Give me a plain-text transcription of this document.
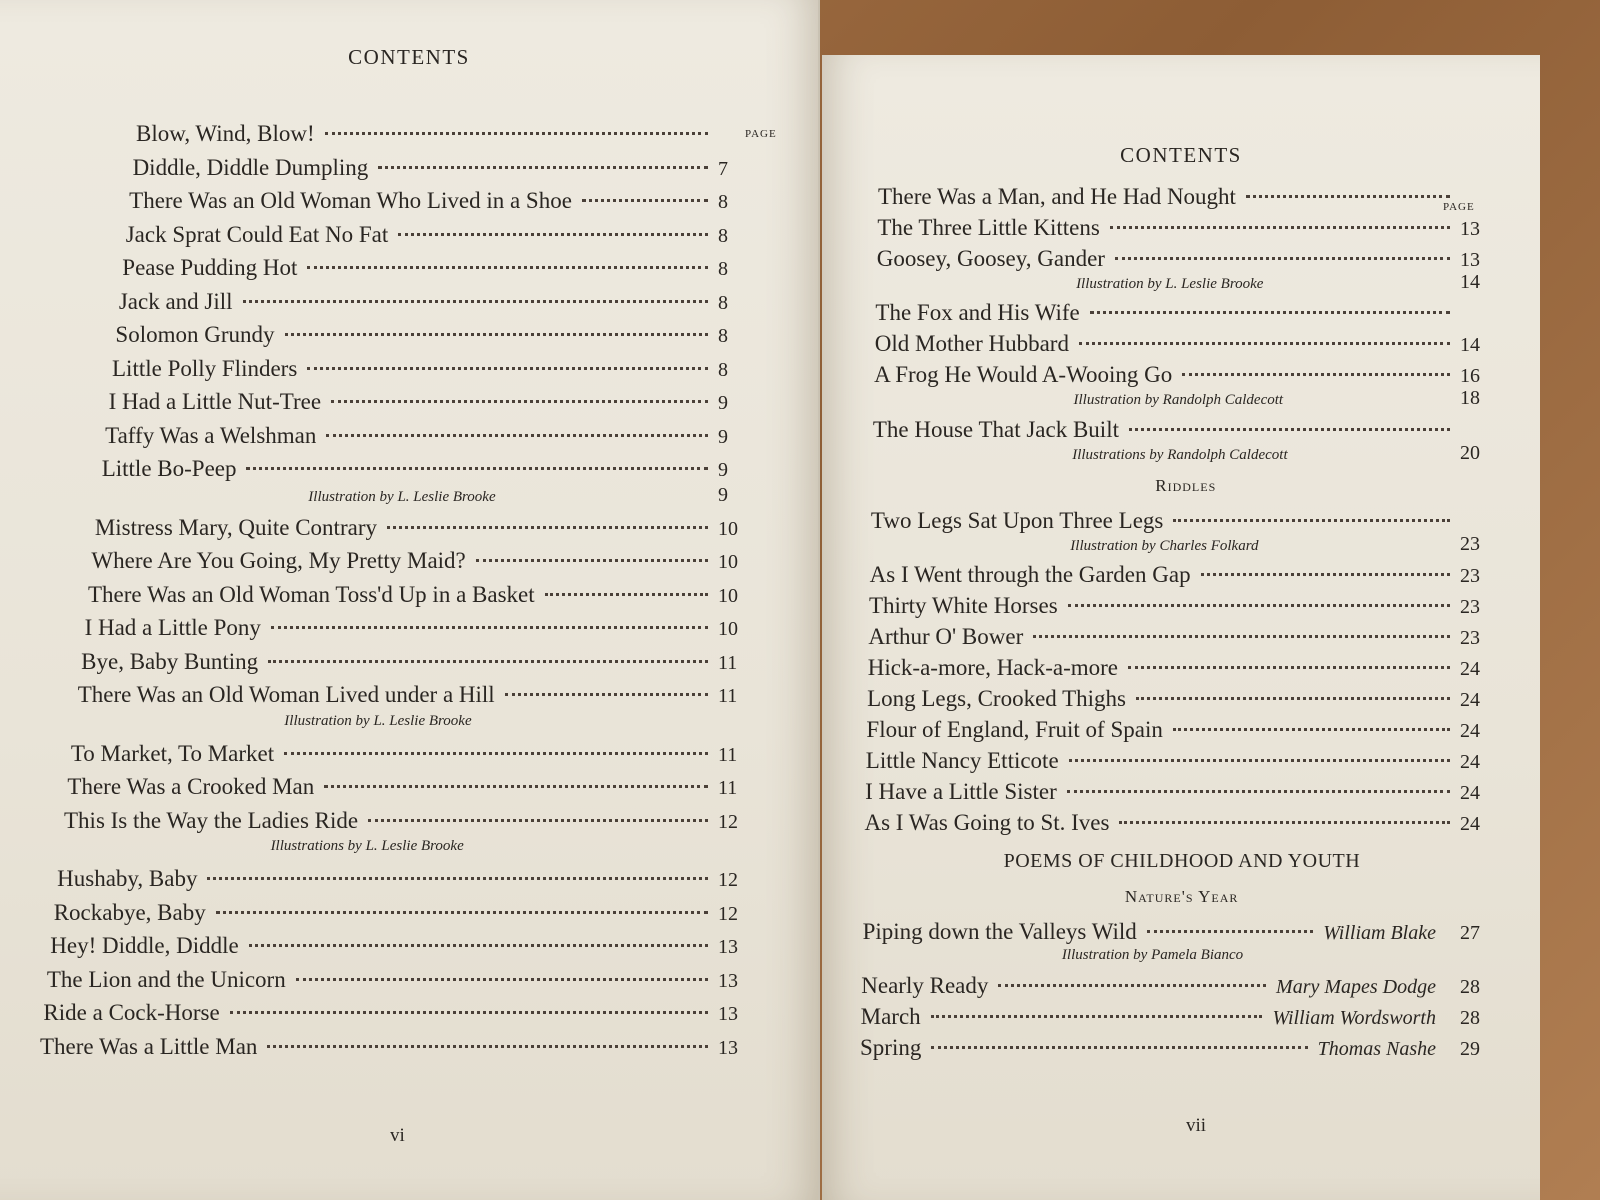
CONTENTS
PAGE
Blow, Wind, Blow!
Diddle, Diddle Dumpling	7
There Was an Old Woman Who Lived in a Shoe	8
Jack Sprat Could Eat No Fat	8
Pease Pudding Hot	8
Jack and Jill	8
Solomon Grundy	8
Little Polly Flinders	8
I Had a Little Nut-Tree	9
Taffy Was a Welshman	9
Little Bo-Peep	9
Illustration by L. Leslie Brooke	9
Mistress Mary, Quite Contrary	10
Where Are You Going, My Pretty Maid?	10
There Was an Old Woman Toss'd Up in a Basket	10
I Had a Little Pony	10
Bye, Baby Bunting	11
There Was an Old Woman Lived under a Hill	11
Illustration by L. Leslie Brooke
To Market, To Market	11
There Was a Crooked Man	11
This Is the Way the Ladies Ride	12
Illustrations by L. Leslie Brooke
Hushaby, Baby	12
Rockabye, Baby	12
Hey! Diddle, Diddle	13
The Lion and the Unicorn	13
Ride a Cock-Horse	13
There Was a Little Man	13
vi
CONTENTS
PAGE
There Was a Man, and He Had Nought
The Three Little Kittens	13
Goosey, Goosey, Gander	13
Illustration by L. Leslie Brooke	14
The Fox and His Wife
Old Mother Hubbard	14
A Frog He Would A-Wooing Go	16
Illustration by Randolph Caldecott	18
The House That Jack Built
Illustrations by Randolph Caldecott	20
Riddles
Two Legs Sat Upon Three Legs
Illustration by Charles Folkard	23
As I Went through the Garden Gap	23
Thirty White Horses	23
Arthur O' Bower	23
Hick-a-more, Hack-a-more	24
Long Legs, Crooked Thighs	24
Flour of England, Fruit of Spain	24
Little Nancy Etticote	24
I Have a Little Sister	24
As I Was Going to St. Ives	24
POEMS OF CHILDHOOD AND YOUTH
Nature's Year
Piping down the Valleys Wild	William Blake 27
Illustration by Pamela Bianco
Nearly Ready	Mary Mapes Dodge 28
March	William Wordsworth 28
Spring	Thomas Nashe 29
vii
